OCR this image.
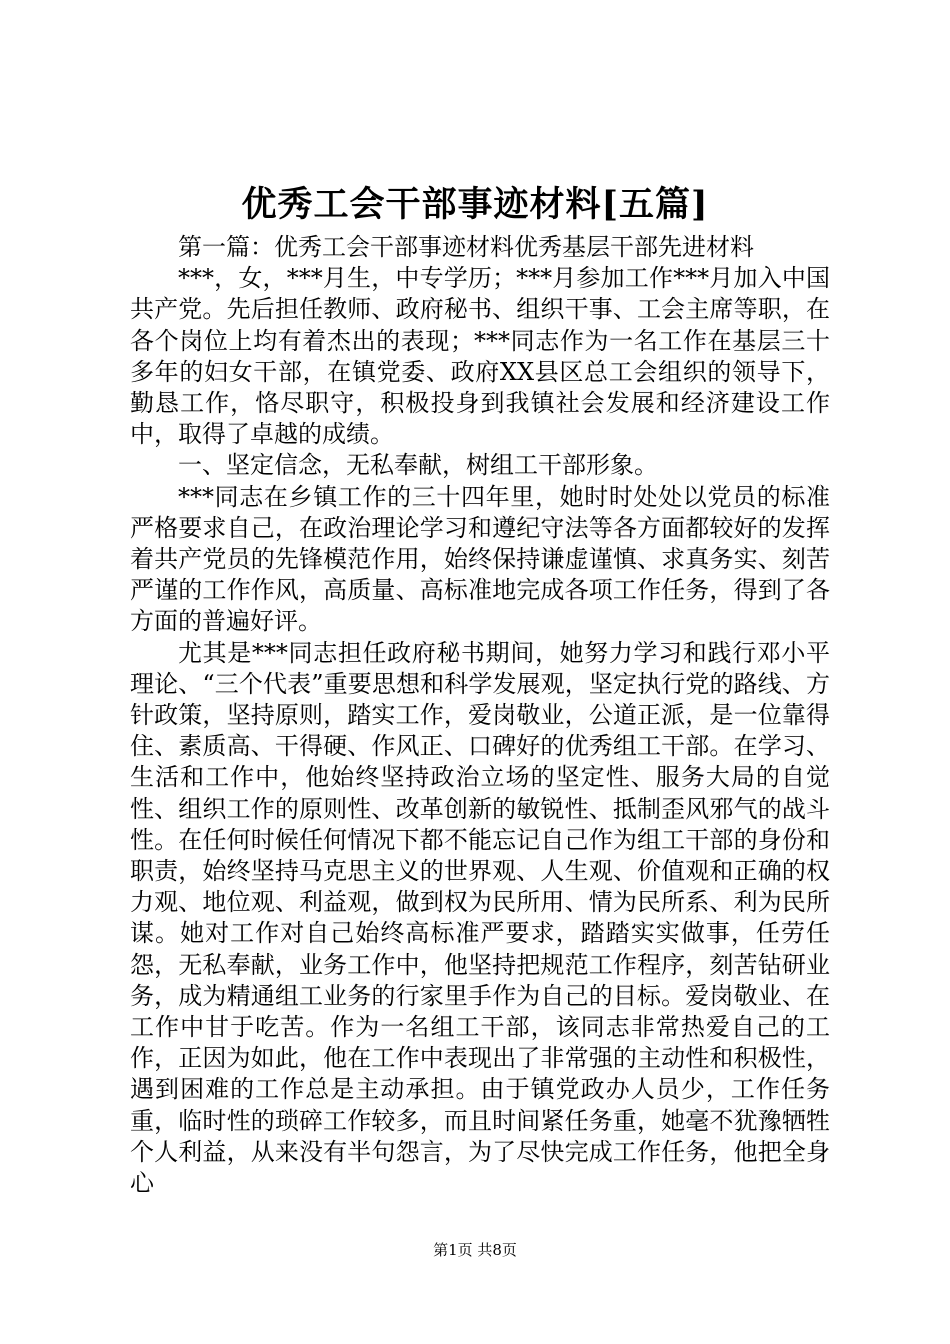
优秀工会干部事迹材料[五篇]

第一篇：优秀工会干部事迹材料优秀基层干部先进材料

***，女，***月生，中专学历；***月参加工作***月加入中国共产党。先后担任教师、政府秘书、组织干事、工会主席等职，在各个岗位上均有着杰出的表现；***同志作为一名工作在基层三十多年的妇女干部，在镇党委、政府XX县区总工会组织的领导下，勤恳工作，恪尽职守，积极投身到我镇社会发展和经济建设工作中，取得了卓越的成绩。

一、坚定信念，无私奉献，树组工干部形象。

***同志在乡镇工作的三十四年里，她时时处处以党员的标准严格要求自己，在政治理论学习和遵纪守法等各方面都较好的发挥着共产党员的先锋模范作用，始终保持谦虚谨慎、求真务实、刻苦严谨的工作作风，高质量、高标准地完成各项工作任务，得到了各方面的普遍好评。

尤其是***同志担任政府秘书期间，她努力学习和践行邓小平理论、“三个代表”重要思想和科学发展观，坚定执行党的路线、方针政策，坚持原则，踏实工作，爱岗敬业，公道正派，是一位靠得住、素质高、干得硬、作风正、口碑好的优秀组工干部。在学习、生活和工作中，他始终坚持政治立场的坚定性、服务大局的自觉性、组织工作的原则性、改革创新的敏锐性、抵制歪风邪气的战斗性。在任何时候任何情况下都不能忘记自己作为组工干部的身份和职责，始终坚持马克思主义的世界观、人生观、价值观和正确的权力观、地位观、利益观，做到权为民所用、情为民所系、利为民所谋。她对工作对自己始终高标准严要求，踏踏实实做事，任劳任怨，无私奉献，业务工作中，他坚持把规范工作程序，刻苦钻研业务，成为精通组工业务的行家里手作为自己的目标。爱岗敬业、在工作中甘于吃苦。作为一名组工干部，该同志非常热爱自己的工作，正因为如此，他在工作中表现出了非常强的主动性和积极性，遇到困难的工作总是主动承担。由于镇党政办人员少，工作任务重，临时性的琐碎工作较多，而且时间紧任务重，她毫不犹豫牺牲个人利益，从来没有半句怨言，为了尽快完成工作任务，他把全身心

第1页 共8页
